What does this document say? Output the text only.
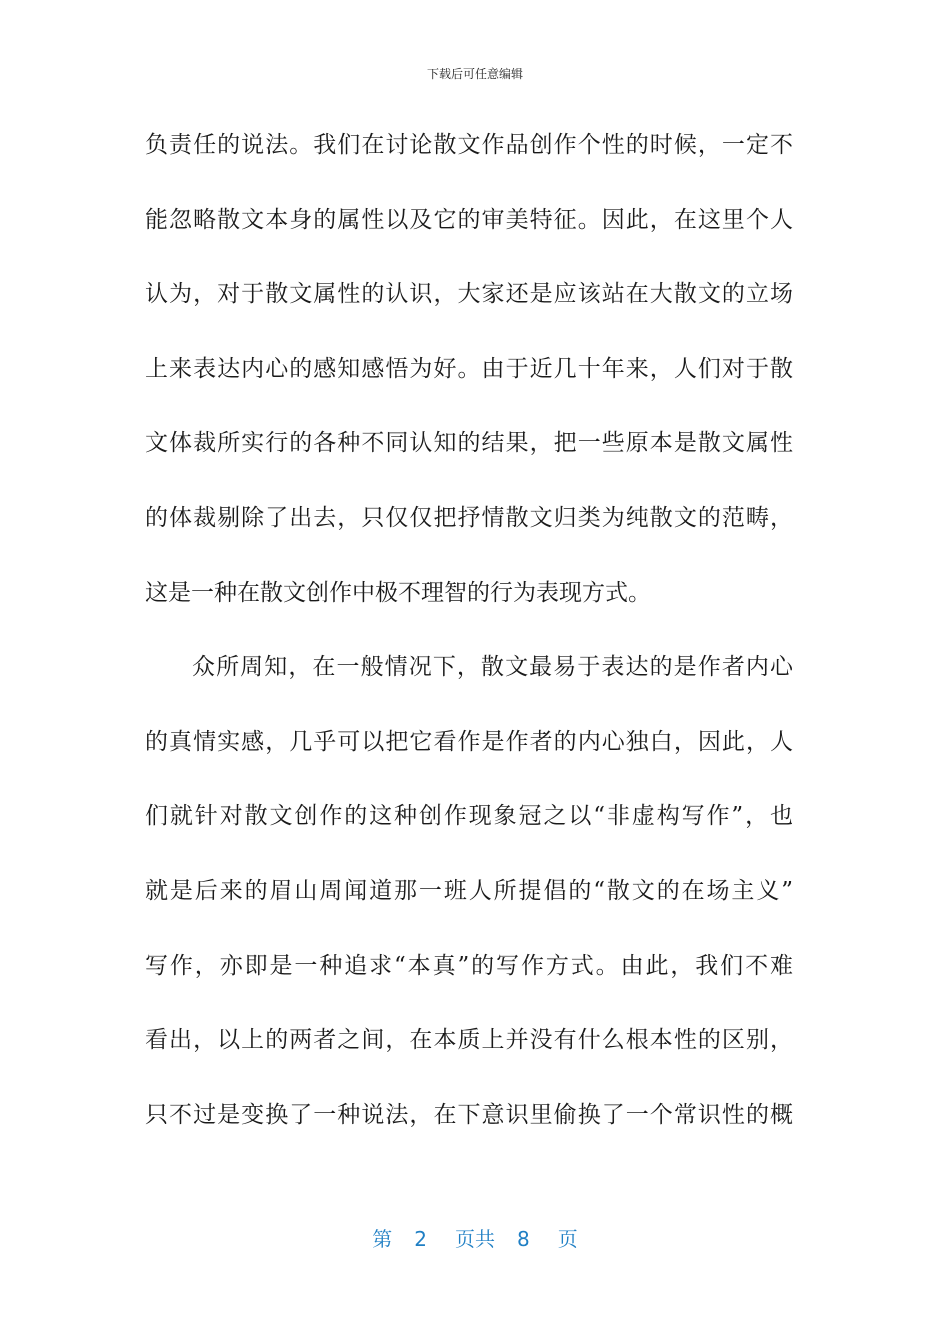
下载后可任意编辑
负责任的说法。我们在讨论散文作品创作个性的时候，一定不
能忽略散文本身的属性以及它的审美特征。因此，在这里个人
认为，对于散文属性的认识，大家还是应该站在大散文的立场
上来表达内心的感知感悟为好。由于近几十年来，人们对于散
文体裁所实行的各种不同认知的结果，把一些原本是散文属性
的体裁剔除了出去，只仅仅把抒情散文归类为纯散文的范畴，
这是一种在散文创作中极不理智的行为表现方式。
众所周知，在一般情况下，散文最易于表达的是作者内心
的真情实感，几乎可以把它看作是作者的内心独白，因此，人
们就针对散文创作的这种创作现象冠之以“非虚构写作”，也
就是后来的眉山周闻道那一班人所提倡的“散文的在场主义”
写作，亦即是一种追求“本真”的写作方式。由此，我们不难
看出，以上的两者之间，在本质上并没有什么根本性的区别，
只不过是变换了一种说法，在下意识里偷换了一个常识性的概
第 2 页共 8 页
